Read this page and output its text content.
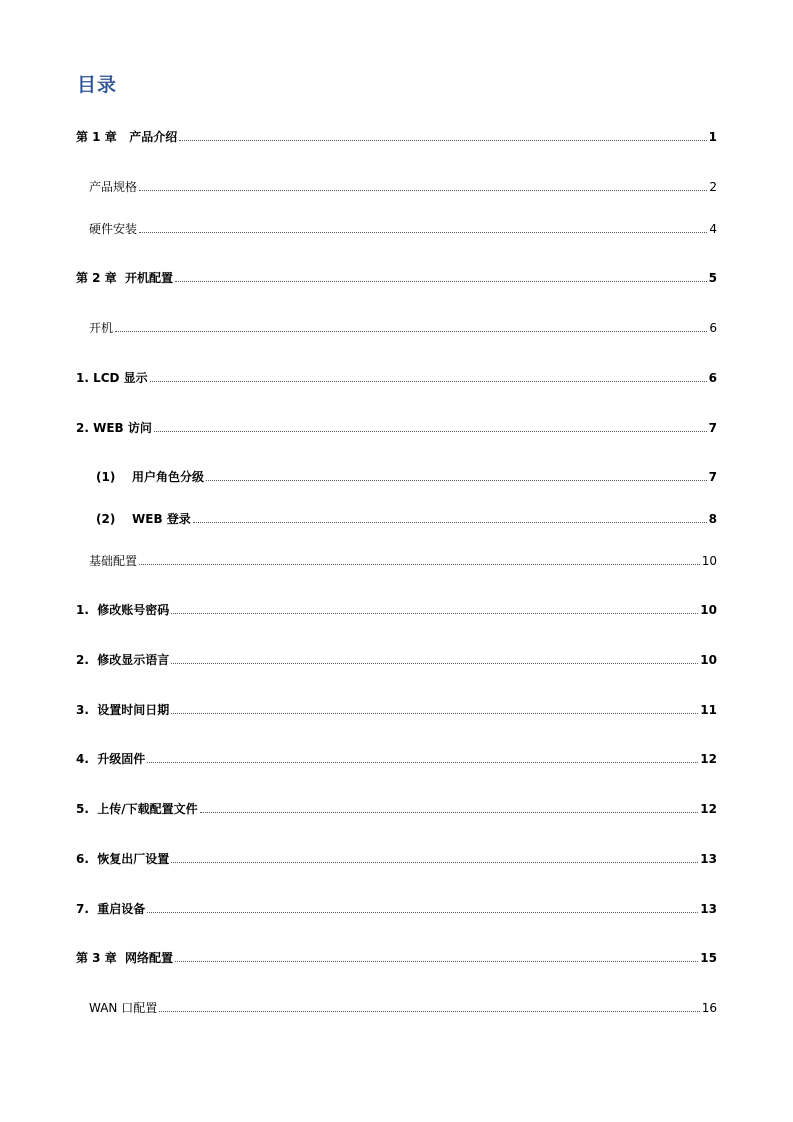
目录
第 1 章   产品介绍	1
产品规格	2
硬件安装	4
第 2 章  开机配置	5
开机	6
1. LCD 显示	6
2. WEB 访问	7
(1)    用户角色分级	7
(2)    WEB 登录	8
基础配置	10
1.  修改账号密码	10
2.  修改显示语言	10
3.  设置时间日期	11
4.  升级固件	12
5.  上传/下载配置文件	12
6.  恢复出厂设置	13
7.  重启设备	13
第 3 章  网络配置	15
WAN 口配置	16
